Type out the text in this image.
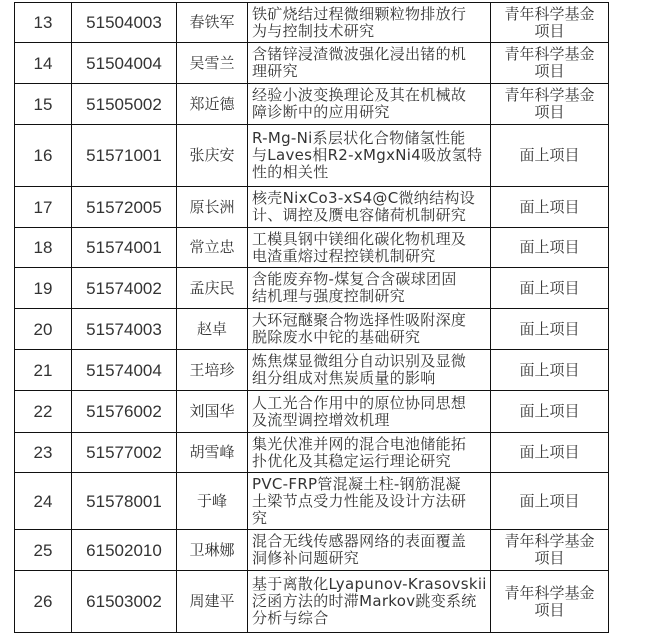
13	51504003	春铁军	铁矿烧结过程微细颗粒物排放行
为与控制技术研究	青年科学基金
项目

14	51504004	吴雪兰	含锗锌浸渣微波强化浸出锗的机
理研究	青年科学基金
项目

15	51505002	郑近德	经验小波变换理论及其在机械故
障诊断中的应用研究	青年科学基金
项目

16	51571001	张庆安	R-Mg-Ni系层状化合物储氢性能
与Laves相R2-xMgxNi4吸放氢特
性的相关性	面上项目

17	51572005	原长洲	核壳NixCo3-xS4@C微纳结构设
计、调控及赝电容储荷机制研究	面上项目

18	51574001	常立忠	工模具钢中镁细化碳化物机理及
电渣重熔过程控镁机制研究	面上项目

19	51574002	孟庆民	含能废弃物-煤复合含碳球团固
结机理与强度控制研究	面上项目

20	51574003	赵卓	大环冠醚聚合物选择性吸附深度
脱除废水中铊的基础研究	面上项目

21	51574004	王培珍	炼焦煤显微组分自动识别及显微
组分组成对焦炭质量的影响	面上项目

22	51576002	刘国华	人工光合作用中的原位协同思想
及流型调控增效机理	面上项目

23	51577002	胡雪峰	集光伏准并网的混合电池储能拓
扑优化及其稳定运行理论研究	面上项目

24	51578001	于峰	PVC-FRP管混凝土柱-钢筋混凝
土梁节点受力性能及设计方法研
究	面上项目

25	61502010	卫琳娜	混合无线传感器网络的表面覆盖
洞修补问题研究	青年科学基金
项目

26	61503002	周建平	基于离散化Lyapunov-Krasovskii
泛函方法的时滞Markov跳变系统
分析与综合	青年科学基金
项目
